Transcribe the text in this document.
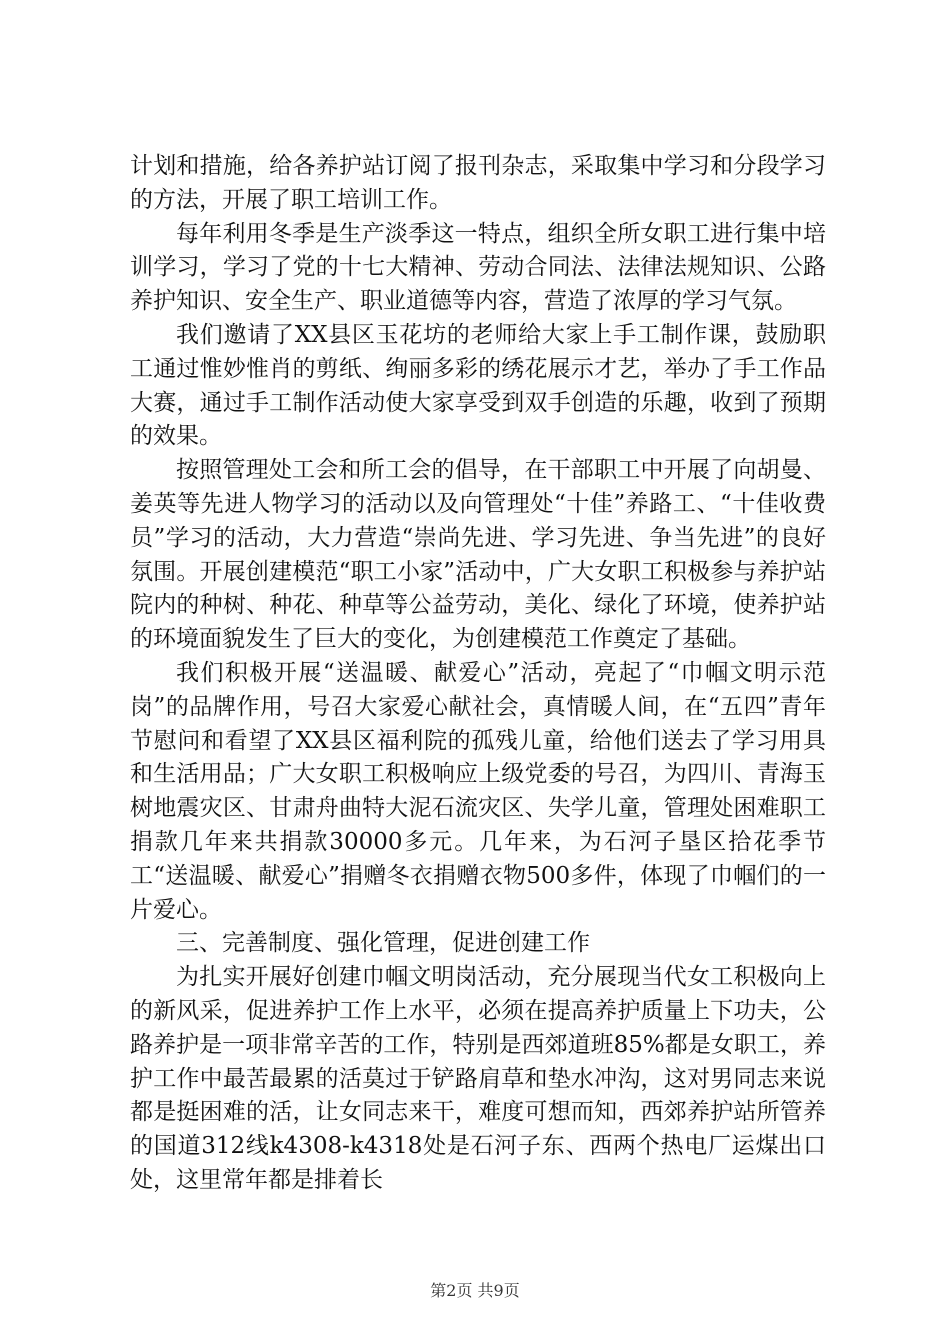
计划和措施，给各养护站订阅了报刊杂志，采取集中学习和分段学习的方法，开展了职工培训工作。

每年利用冬季是生产淡季这一特点，组织全所女职工进行集中培训学习，学习了党的十七大精神、劳动合同法、法律法规知识、公路养护知识、安全生产、职业道德等内容，营造了浓厚的学习气氛。

我们邀请了XX县区玉花坊的老师给大家上手工制作课，鼓励职工通过惟妙惟肖的剪纸、绚丽多彩的绣花展示才艺，举办了手工作品大赛，通过手工制作活动使大家享受到双手创造的乐趣，收到了预期的效果。

按照管理处工会和所工会的倡导，在干部职工中开展了向胡曼、姜英等先进人物学习的活动以及向管理处“十佳”养路工、“十佳收费员”学习的活动，大力营造“崇尚先进、学习先进、争当先进”的良好氛围。开展创建模范“职工小家”活动中，广大女职工积极参与养护站院内的种树、种花、种草等公益劳动，美化、绿化了环境，使养护站的环境面貌发生了巨大的变化，为创建模范工作奠定了基础。

我们积极开展“送温暖、献爱心”活动，亮起了“巾帼文明示范岗”的品牌作用，号召大家爱心献社会，真情暖人间，在“五四”青年节慰问和看望了XX县区福利院的孤残儿童，给他们送去了学习用具和生活用品；广大女职工积极响应上级党委的号召，为四川、青海玉树地震灾区、甘肃舟曲特大泥石流灾区、失学儿童，管理处困难职工捐款几年来共捐款30000多元。几年来，为石河子垦区拾花季节工“送温暖、献爱心”捐赠冬衣捐赠衣物500多件，体现了巾帼们的一片爱心。

三、完善制度、强化管理，促进创建工作

为扎实开展好创建巾帼文明岗活动，充分展现当代女工积极向上的新风采，促进养护工作上水平，必须在提高养护质量上下功夫，公路养护是一项非常辛苦的工作，特别是西郊道班85%都是女职工，养护工作中最苦最累的活莫过于铲路肩草和垫水冲沟，这对男同志来说都是挺困难的活，让女同志来干，难度可想而知，西郊养护站所管养的国道312线k4308-k4318处是石河子东、西两个热电厂运煤出口处，这里常年都是排着长

第2页 共9页
